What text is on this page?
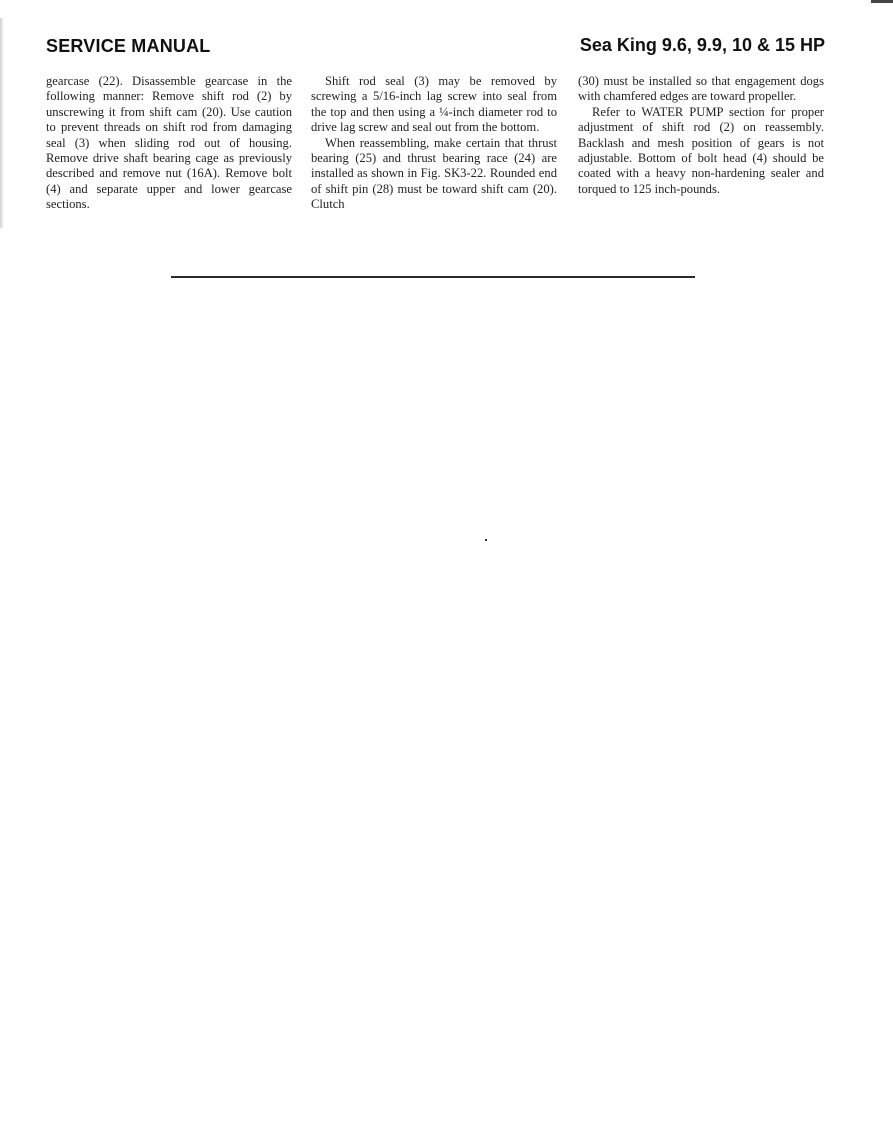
SERVICE MANUAL	Sea King 9.6, 9.9, 10 & 15 HP

gearcase (22). Disassemble gearcase in the following manner: Remove shift rod (2) by unscrewing it from shift cam (20). Use caution to prevent threads on shift rod from damaging seal (3) when sliding rod out of housing. Remove drive shaft bearing cage as previously described and remove nut (16A). Remove bolt (4) and separate upper and lower gearcase sections.

Shift rod seal (3) may be removed by screwing a 5/16-inch lag screw into seal from the top and then using a ¼-inch diameter rod to drive lag screw and seal out from the bottom.

When reassembling, make certain that thrust bearing (25) and thrust bearing race (24) are installed as shown in Fig. SK3-22. Rounded end of shift pin (28) must be toward shift cam (20). Clutch

(30) must be installed so that engagement dogs with chamfered edges are toward propeller.

Refer to WATER PUMP section for proper adjustment of shift rod (2) on reassembly. Backlash and mesh position of gears is not adjustable. Bottom of bolt head (4) should be coated with a heavy non-hardening sealer and torqued to 125 inch-pounds.
